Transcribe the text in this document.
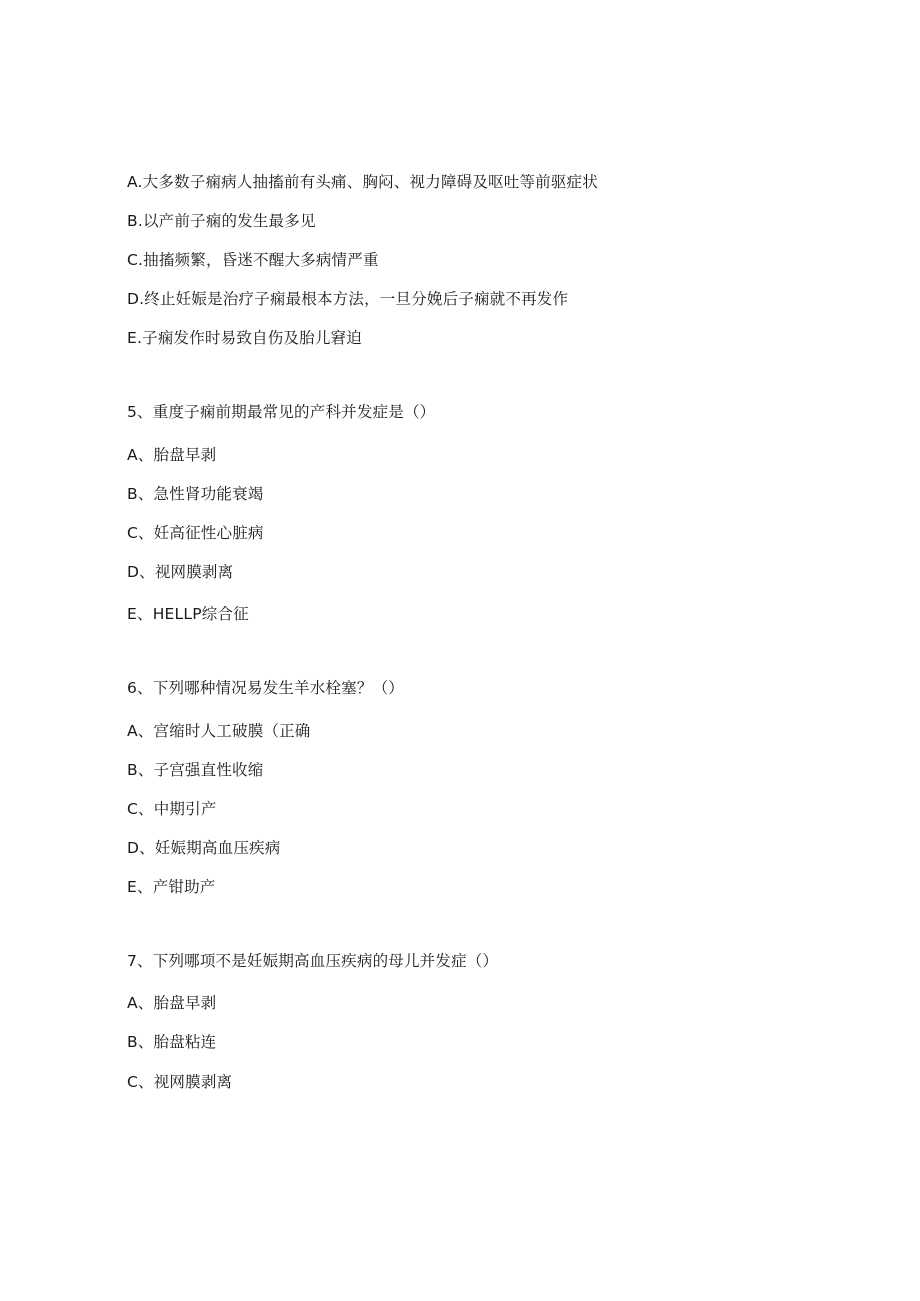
A.大多数子痫病人抽搐前有头痛、胸闷、视力障碍及呕吐等前驱症状
B.以产前子痫的发生最多见
C.抽搐频繁，昏迷不醒大多病情严重
D.终止妊娠是治疗子痫最根本方法，一旦分娩后子痫就不再发作
E.子痫发作时易致自伤及胎儿窘迫
5、重度子痫前期最常见的产科并发症是（）
A、胎盘早剥
B、急性肾功能衰竭
C、妊高征性心脏病
D、视网膜剥离
E、HELLP综合征
6、下列哪种情况易发生羊水栓塞？（）
A、宫缩时人工破膜（正确
B、子宫强直性收缩
C、中期引产
D、妊娠期高血压疾病
E、产钳助产
7、下列哪项不是妊娠期高血压疾病的母儿并发症（）
A、胎盘早剥
B、胎盘粘连
C、视网膜剥离
